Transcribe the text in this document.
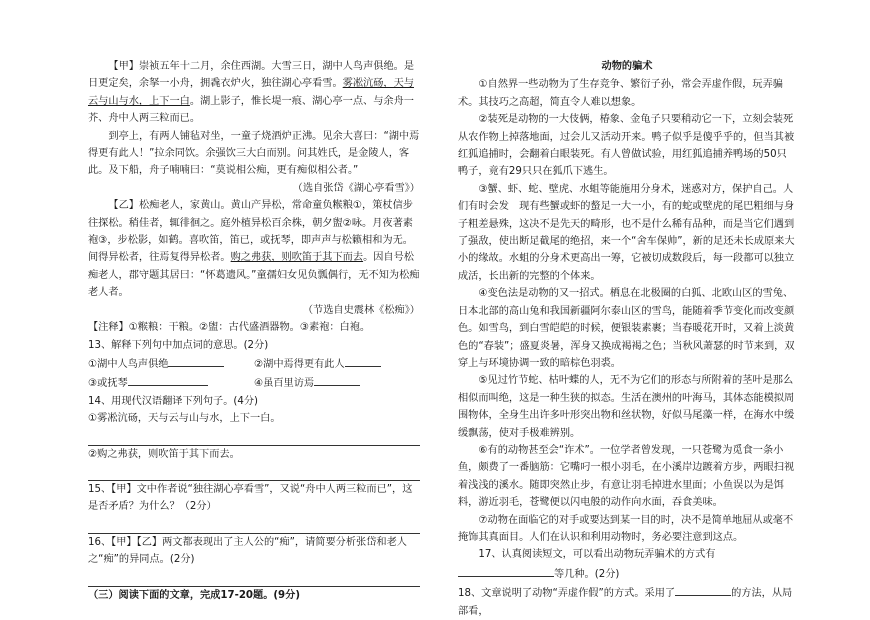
【甲】崇祯五年十二月，余住西湖。大雪三日，湖中人鸟声俱绝。是日更定矣，余拏一小舟，拥毳衣炉火，独往湖心亭看雪。雾凇沆砀，天与云与山与水，上下一白。湖上影子，惟长堤一痕、湖心亭一点、与余舟一芥、舟中人两三粒而已。

到亭上，有两人铺毡对坐，一童子烧酒炉正沸。见余大喜曰：“湖中焉得更有此人！”拉余同饮。余强饮三大白而别。问其姓氏，是金陵人，客此。及下船，舟子喃喃曰：“莫说相公痴，更有痴似相公者。”

（选自张岱《湖心亭看雪》）

【乙】松痴老人，家黄山。黄山产异松，常命童负糇粮①，策杖信步往探松。稍佳者，辄徘徊之。庭外植异松百余株，朝夕盥②咏。月夜著素袍③，步松影，如鹤。喜吹笛，笛已，或抚琴，即声声与松籁相和为无。间得异松者，往焉复得异松者。购之弗获，则吹笛于其下而去。因自号松痴老人，郡守题其居曰：“怀葛遗风。”童孺妇女见负瓢偶行，无不知为松痴老人者。

（节选自史震林《松痴》）

【注释】①糇粮：干粮。②盥：古代盛酒器物。③素袍：白袍。

13、解释下列句中加点词的意思。(2分)

①湖中人鸟声俱绝	②湖中焉得更有此人
③或抚琴	④虽百里访焉

14、用现代汉语翻译下列句子。(4分)

①雾凇沆砀，天与云与山与水，上下一白。

②购之弗获，则吹笛于其下而去。

15、【甲】文中作者说“独往湖心亭看雪”，又说“舟中人两三粒而已”，这是否矛盾？为什么？（2分）

16、【甲】【乙】两文都表现出了主人公的“痴”，请简要分析张岱和老人之“痴”的异同点。(2分)

（三）阅读下面的文章，完成17-20题。(9分)

动物的骗术

①自然界一些动物为了生存竞争、繁衍子孙，常会弄虚作假，玩弄骗术。其技巧之高超，简直令人难以想象。

②装死是动物的一大伎俩，椿象、金龟子只要稍动它一下，立刻会装死从农作物上掉落地面，过会儿又活动开来。鸭子似乎是傻乎乎的，但当其被红狐追捕时，会翻着白眼装死。有人曾做试验，用红狐追捕养鸭场的50只鸭子，竟有29只只在狐爪下逃生。

③蟹、虾、蛇、壁虎、水蛆等能施用分身术，迷惑对方，保护自己。人们有时会发　现有些蟹或虾的螯足一大一小，有的蛇或壁虎的尾巴粗细与身子粗差悬殊，这决不是先天的畸形，也不是什么稀有品种，而是当它们遇到了强敌，使出断足截尾的绝招，来一个“舍车保帅”，新的足还未长成原来大小的缘故。水蛆的分身术更高出一筹，它被切成数段后，每一段都可以独立成活，长出新的完整的个体来。

④变色法是动物的又一招式。栖息在北极圈的白狐、北欧山区的雪兔、日本北部的高山兔和我国新疆阿尔泰山区的雪鸟，能随着季节变化而改变颜色。如雪鸟，到白雪皑皑的时候，便银装素裹；当春暖花开时，又着上淡黄色的“春装”；盛夏炎暑，浑身又换成褐褐之色；当秋风萧瑟的时节来到，双穿上与环境协调一致的暗棕色羽裘。

⑤见过竹节蛇、枯叶蝶的人，无不为它们的形态与所附着的茎叶是那么相似而叫绝，这是一种生狭的拟态。生活在澳州的叶海马，其体态能模拟周围物体，全身生出许多叶形突出物和丝状物，好似马尾藻一样，在海水中缓缓飘荡，使对手极难辨别。

⑥有的动物甚至会“诈术”。一位学者曾发现，一只苍鹭为觅食一条小鱼，颇费了一番脑筋：它嘴叼一根小羽毛，在小溪岸边踱着方步，两眼扫视着浅浅的溪水。随即突然止步，有意让羽毛掉进水里面；小鱼误以为是饵料，游近羽毛，苍鹭便以闪电般的动作向水面，吞食美味。

⑦动物在面临它的对手或要达到某一目的时，决不是简单地屈从或毫不掩饰其真面目。人们在认识和利用动物时，务必要注意到这点。

17、认真阅读短文，可以看出动物玩弄骗术的方式有等几种。(2分)

18、文章说明了动物“弄虚作假”的方式。采用了	的方法，从局部看，
